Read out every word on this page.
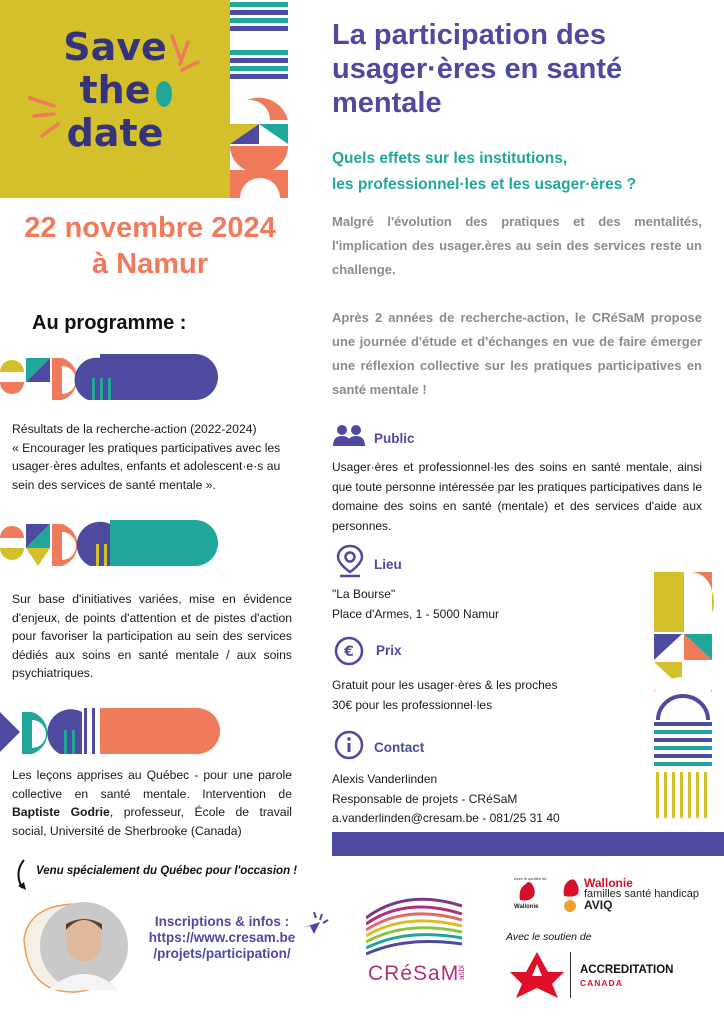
Save
the
date
22 novembre 2024
à Namur
Au programme :
Résultats de la recherche-action (2022-2024)
« Encourager les pratiques participatives avec les usager·ères adultes, enfants et adolescent·e·s au sein des services de santé mentale ».
Sur base d'initiatives variées, mise en évidence d'enjeux, de points d'attention et de pistes d'action pour favoriser la participation au sein des services dédiés aux soins en santé mentale / aux soins psychiatriques.
Les leçons apprises au Québec - pour une parole collective en santé mentale. Intervention de Baptiste Godrie, professeur, École de travail social, Université de Sherbrooke (Canada)
Venu spécialement du Québec pour l'occasion !
Inscriptions & infos :
https://www.cresam.be
/projets/participation/
CRéSaM
asbl
Avec le soutien de
Wallonie
Wallonie
familles santé handicap
AVIQ
Avec le soutien de
ACCREDITATION
CANADA
La participation des usager·ères en santé mentale
Quels effets sur les institutions,
les professionnel·les et les usager·ères ?
Malgré l'évolution des pratiques et des mentalités, l'implication des usager.ères au sein des services reste un challenge.
Après 2 années de recherche-action, le CRéSaM propose une journée d'étude et d'échanges en vue de faire émerger une réflexion collective sur les pratiques participatives en santé mentale !
Public
Usager·ères et professionnel·les des soins en santé mentale, ainsi que toute personne intéressée par les pratiques participatives dans le domaine des soins en santé (mentale) et des services d'aide aux personnes.
Lieu
"La Bourse"
Place d'Armes, 1 - 5000 Namur
€ Prix
Gratuit pour les usager·ères & les proches
30€ pour les professionnel·les
Contact
Alexis Vanderlinden
Responsable de projets - CRéSaM
a.vanderlinden@cresam.be - 081/25 31 40
